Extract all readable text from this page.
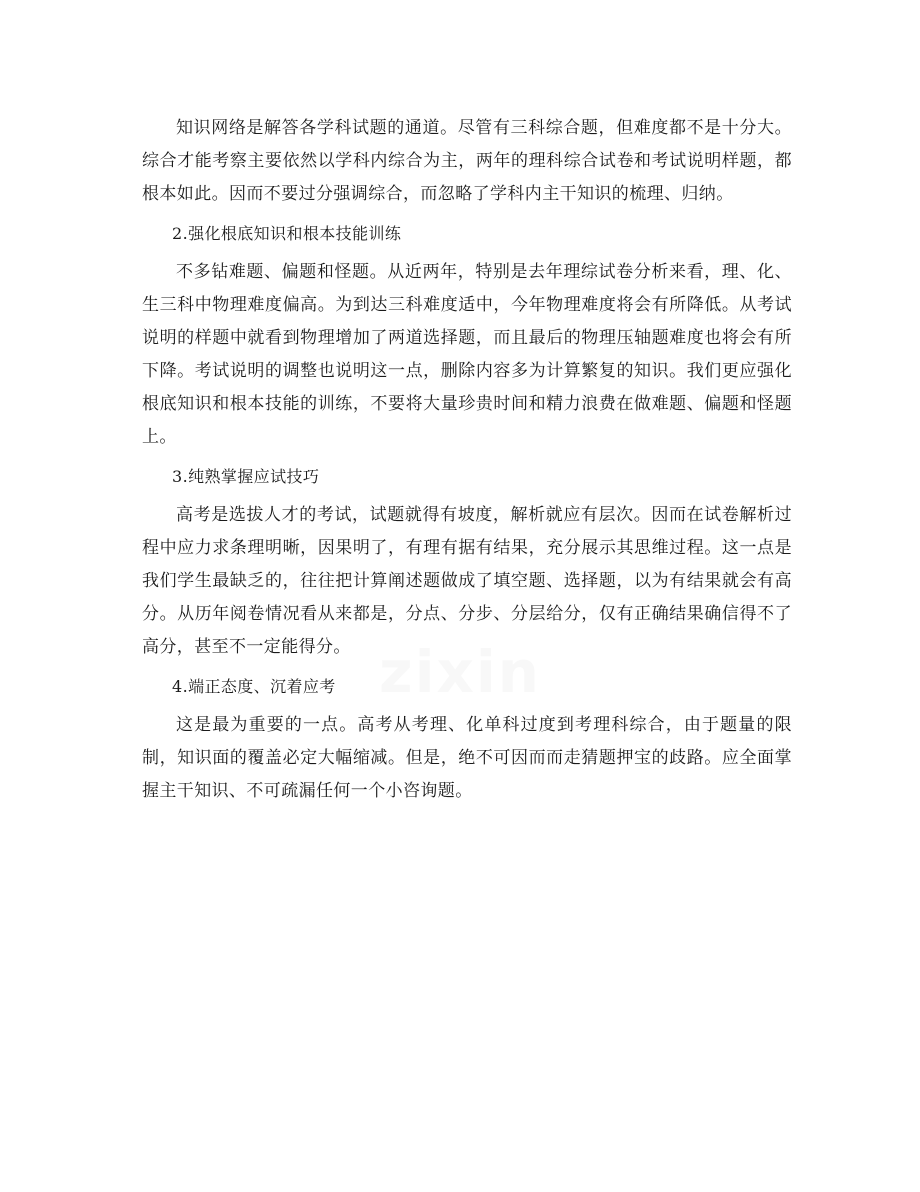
知识网络是解答各学科试题的通道。尽管有三科综合题，但难度都不是十分大。综合才能考察主要依然以学科内综合为主，两年的理科综合试卷和考试说明样题，都根本如此。因而不要过分强调综合，而忽略了学科内主干知识的梳理、归纳。

2.强化根底知识和根本技能训练

不多钻难题、偏题和怪题。从近两年，特别是去年理综试卷分析来看，理、化、生三科中物理难度偏高。为到达三科难度适中，今年物理难度将会有所降低。从考试说明的样题中就看到物理增加了两道选择题，而且最后的物理压轴题难度也将会有所下降。考试说明的调整也说明这一点，删除内容多为计算繁复的知识。我们更应强化根底知识和根本技能的训练，不要将大量珍贵时间和精力浪费在做难题、偏题和怪题上。

3.纯熟掌握应试技巧

高考是选拔人才的考试，试题就得有坡度，解析就应有层次。因而在试卷解析过程中应力求条理明晰，因果明了，有理有据有结果，充分展示其思维过程。这一点是我们学生最缺乏的，往往把计算阐述题做成了填空题、选择题，以为有结果就会有高分。从历年阅卷情况看从来都是，分点、分步、分层给分，仅有正确结果确信得不了高分，甚至不一定能得分。

4.端正态度、沉着应考

这是最为重要的一点。高考从考理、化单科过度到考理科综合，由于题量的限制，知识面的覆盖必定大幅缩减。但是，绝不可因而而走猜题押宝的歧路。应全面掌握主干知识、不可疏漏任何一个小咨询题。

zixin
